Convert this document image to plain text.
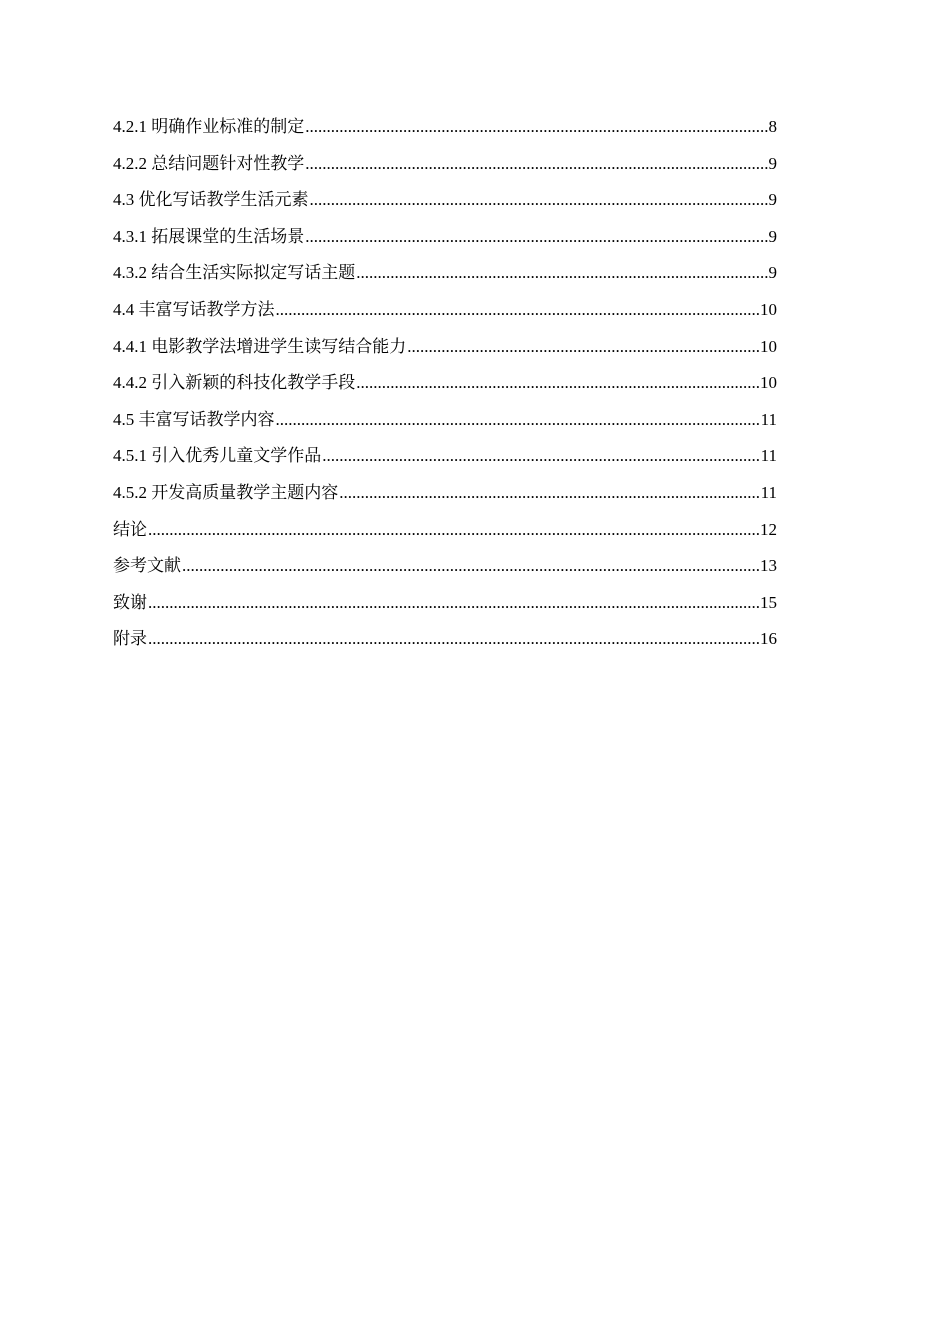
4.2.1 明确作业标准的制定 .....	8
4.2.2 总结问题针对性教学 .....	9
4.3 优化写话教学生活元素 .....	9
4.3.1 拓展课堂的生活场景 .....	9
4.3.2 结合生活实际拟定写话主题 .....	9
4.4 丰富写话教学方法 .....	10
4.4.1 电影教学法增进学生读写结合能力 .....	10
4.4.2 引入新颖的科技化教学手段 .....	10
4.5 丰富写话教学内容 .....	11
4.5.1 引入优秀儿童文学作品 .....	11
4.5.2 开发高质量教学主题内容 .....	11
结论 .....	12
参考文献 .....	13
致谢 .....	15
附录 .....	16
